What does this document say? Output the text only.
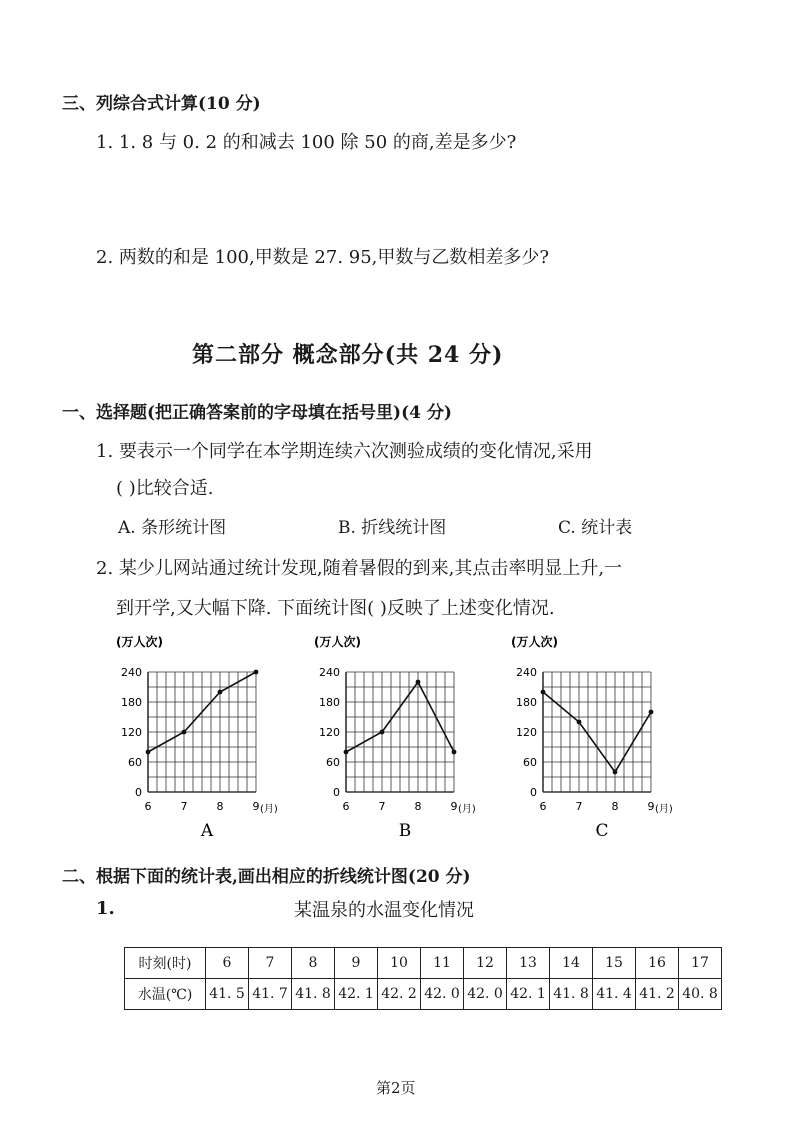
三、列综合式计算(10 分)
1. 1. 8 与 0. 2 的和减去 100 除 50 的商,差是多少?
2. 两数的和是 100,甲数是 27. 95,甲数与乙数相差多少?
第二部分 概念部分(共 24 分)
一、选择题(把正确答案前的字母填在括号里)(4 分)
1. 要表示一个同学在本学期连续六次测验成绩的变化情况,采用
( )比较合适.
A. 条形统计图	B. 折线统计图	C. 统计表
2. 某少儿网站通过统计发现,随着暑假的到来,其点击率明显上升,一
到开学,又大幅下降. 下面统计图( )反映了上述变化情况.
(万人次)
0
60
120
180
240
6	7	8	9 (月)
A
(万人次)
0
60
120
180
240
6	7	8	9 (月)
B
(万人次)
0
60
120
180
240
6	7	8	9 (月)
C
二、根据下面的统计表,画出相应的折线统计图(20 分)
1.	某温泉的水温变化情况
时刻(时)	6	7	8	9	10	11	12	13	14	15	16	17
水温(℃)	41. 5	41. 7	41. 8	42. 1	42. 2	42. 0	42. 0	42. 1	41. 8	41. 4	41. 2	40. 8
第2页
